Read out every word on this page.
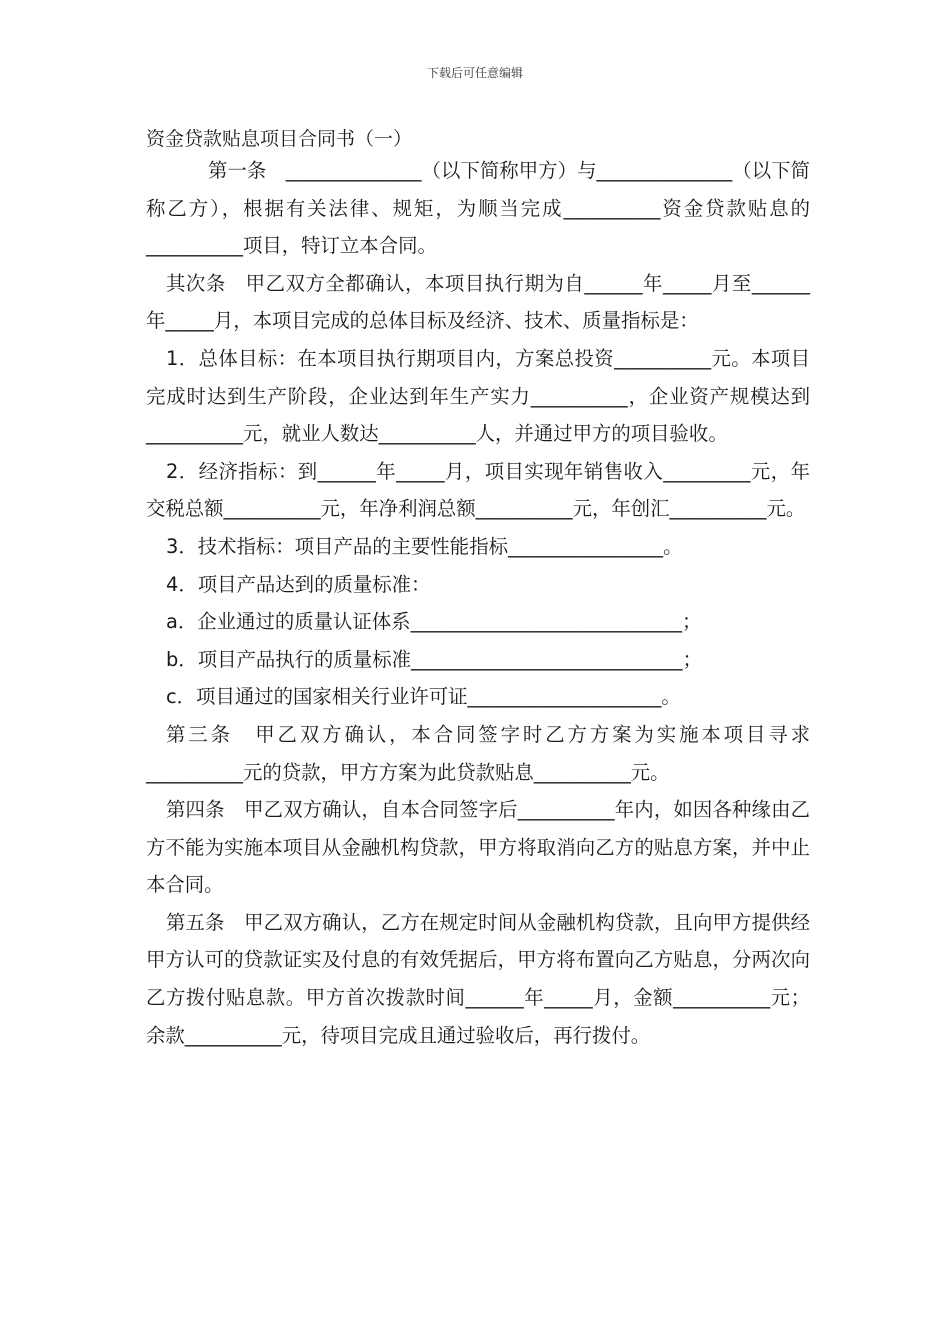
下载后可任意编辑
资金贷款贴息项目合同书（一）

第一条　______________（以下简称甲方）与______________（以下简称乙方），根据有关法律、规矩，为顺当完成__________资金贷款贴息的__________项目，特订立本合同。

其次条　甲乙双方全都确认，本项目执行期为自______年_____月至______年_____月，本项目完成的总体目标及经济、技术、质量指标是：

1．总体目标：在本项目执行期项目内，方案总投资__________元。本项目完成时达到生产阶段，企业达到年生产实力__________，企业资产规模达到__________元，就业人数达__________人，并通过甲方的项目验收。

2．经济指标：到______年_____月，项目实现年销售收入_________元，年交税总额__________元，年净利润总额__________元，年创汇__________元。

3．技术指标：项目产品的主要性能指标________________。

4．项目产品达到的质量标准：

a．企业通过的质量认证体系____________________________；

b．项目产品执行的质量标准____________________________；

c．项目通过的国家相关行业许可证____________________。

第三条　甲乙双方确认，本合同签字时乙方方案为实施本项目寻求__________元的贷款，甲方方案为此贷款贴息__________元。

第四条　甲乙双方确认，自本合同签字后__________年内，如因各种缘由乙方不能为实施本项目从金融机构贷款，甲方将取消向乙方的贴息方案，并中止本合同。

第五条　甲乙双方确认，乙方在规定时间从金融机构贷款，且向甲方提供经甲方认可的贷款证实及付息的有效凭据后，甲方将布置向乙方贴息，分两次向乙方拨付贴息款。甲方首次拨款时间______年_____月，金额__________元；余款__________元，待项目完成且通过验收后，再行拨付。
